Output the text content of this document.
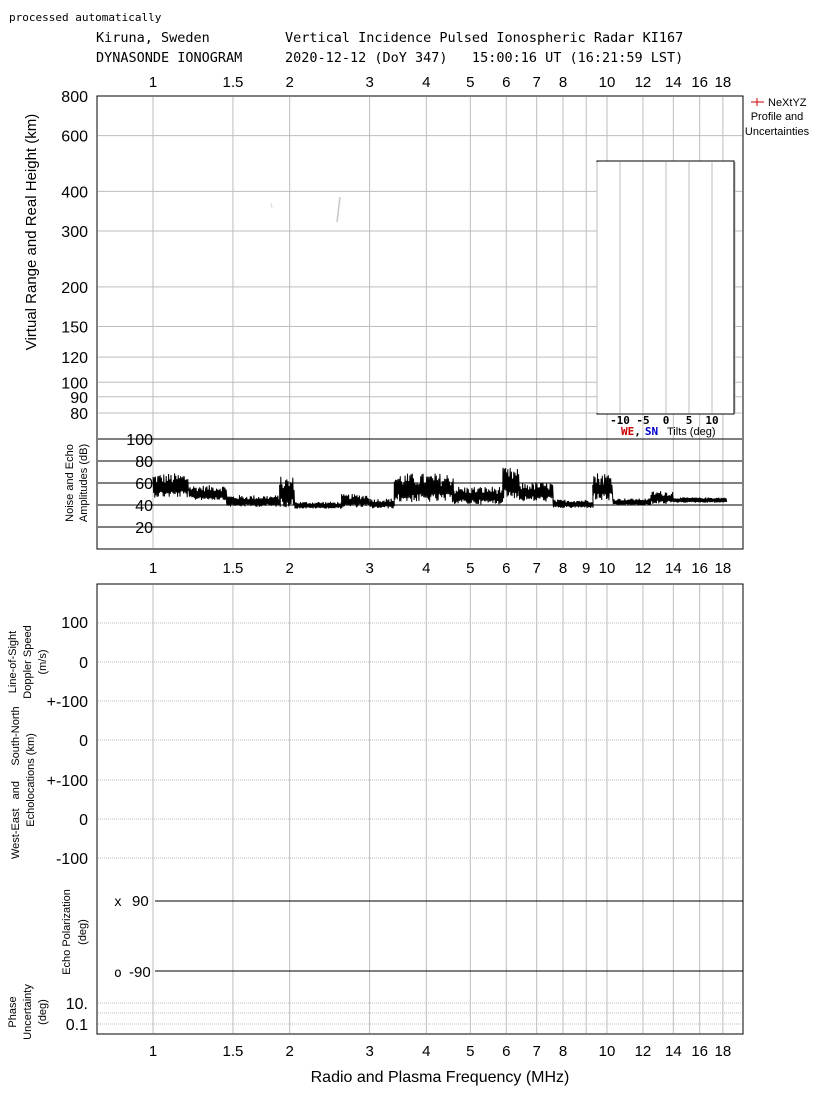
processed automatically
Kiruna, Sweden	Vertical Incidence Pulsed Ionospheric Radar KI167
DYNASONDE IONOGRAM	2020-12-12 (DoY 347)   15:00:16 UT (16:21:59 LST)
NeXtYZ
Profile and
Uncertainties
1	1.5	2	3	4 5 6 7 8 10 12 14 16 18
1	1.5	2	3	4 5 6 7 8 9 10 12 14 16 18
1	1.5	2	3	4 5 6 7 8 10 12 14 16 18
800
600
400
300
200
150
120
100
90
80
Virtual Range and Real Height (km)
-10 -5 0 5 10
WE, SN Tilts (deg)
100
80
60
40
20
Noise and Echo Amplitudes (dB)
Line-of-Sight Doppler Speed (m/s)
100
0
+-100
West-East   and
South-North Echolocations (km)	0
+-100
0
-100
Echo Polarization (deg)
x 90
o -90
Phase Uncertainty (deg) 10.
0.1
Radio and Plasma Frequency (MHz)
